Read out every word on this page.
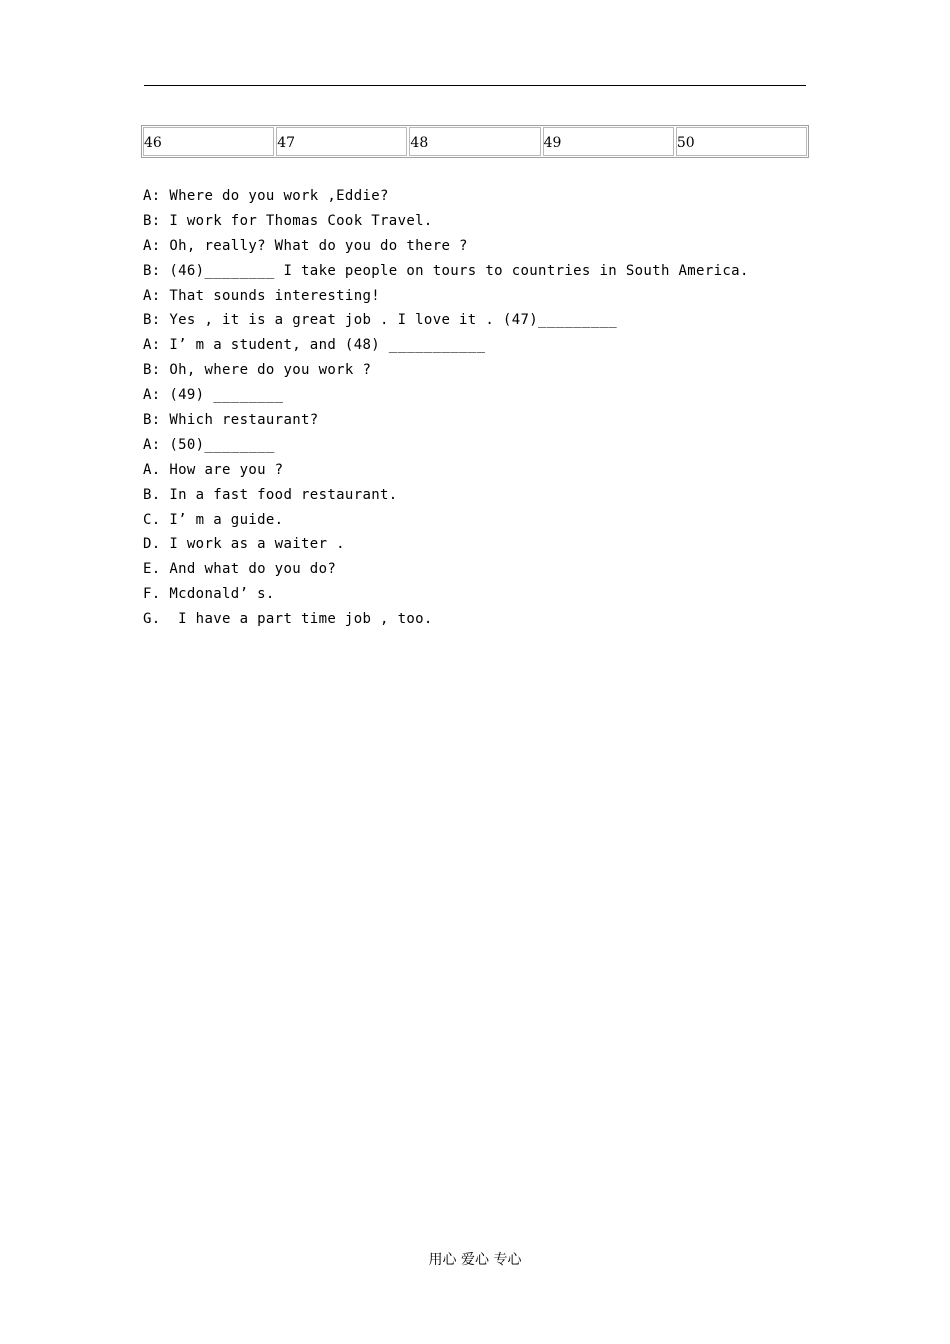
46	47	48	49	50
A: Where do you work ,Eddie?
B: I work for Thomas Cook Travel.
A: Oh, really? What do you do there ?
B: (46)________ I take people on tours to countries in South America.
A: That sounds interesting!
B: Yes , it is a great job . I love it . (47)_________
A: I’ m a student, and (48) ___________
B: Oh, where do you work ?
A: (49) ________
B: Which restaurant?
A: (50)________
A. How are you ?
B. In a fast food restaurant.
C. I’ m a guide.
D. I work as a waiter .
E. And what do you do?
F. Mcdonald’ s.
G.  I have a part time job , too.
用心 爱心 专心
